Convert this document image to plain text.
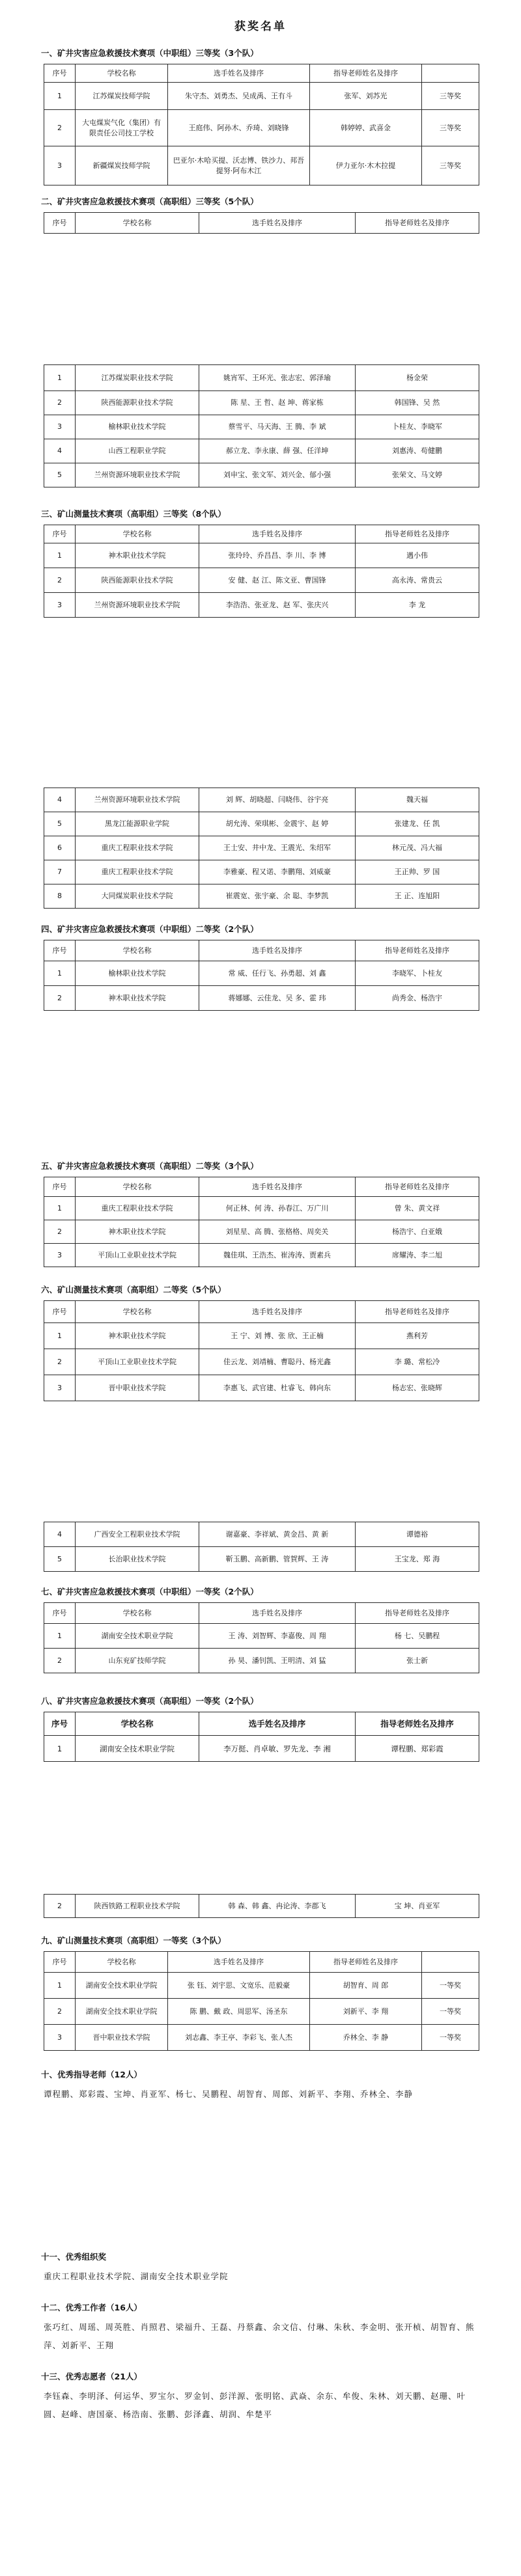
获奖名单
一、矿井灾害应急救援技术赛项（中职组）三等奖（3个队）
序号	学校名称	选手姓名及排序	指导老师姓名及排序	
1	江苏煤炭技师学院	朱守杰、刘勇杰、吴成禹、王有斗	张军、刘苏光	三等奖
2	大屯煤炭气化（集团）有限责任公司技工学校	王庭伟、阿孙木、乔琦、刘晓锋	韩婷婷、武喜金	三等奖
3	新疆煤炭技师学院	巴亚尔·木哈买提、沃志博、铁沙力、邦吾提努·阿布木江	伊力亚尔·木木拉提	三等奖
二、矿井灾害应急救援技术赛项（高职组）三等奖（5个队）
序号	学校名称	选手姓名及排序	指导老师姓名及排序
1	江苏煤炭职业技术学院	姚宵军、王环光、张志宏、郭泽瑜	杨金荣
2	陕西能源职业技术学院	陈 星、王 哲、赵 坤、蒋家栋	韩国锋、吴 然
3	榆林职业技术学院	蔡雪平、马天海、王 腾、李 斌	卜桂友、李晓军
4	山西工程职业学院	郝立龙、李永康、薛 强、任洋坤	刘惠涛、苟健鹏
5	兰州资源环境职业技术学院	刘申宝、张文军、刘兴金、郁小强	张荣文、马文婷
三、矿山测量技术赛项（高职组）三等奖（8个队）
序号	学校名称	选手姓名及排序	指导老师姓名及排序
1	神木职业技术学院	张玲玲、乔昌昌、李 川、李 博	遇小伟
2	陕西能源职业技术学院	安 健、赵 江、陈文亚、曹国锋	高永涛、常贵云
3	兰州资源环境职业技术学院	李浩浩、张亚龙、赵 军、张庆兴	李 龙
4	兰州资源环境职业技术学院	刘 辉、胡晓超、闫晓伟、谷宇亮	魏天福
5	黑龙江能源职业学院	胡允涛、荣琪彬、金震宇、赵 婷	张建龙、任 凯
6	重庆工程职业技术学院	王士安、井中龙、王震光、朱绍军	林元茂、冯大福
7	重庆工程职业技术学院	李雅豪、程又诺、李鹏翔、刘威豪	王正帅、罗 国
8	大同煤炭职业技术学院	崔震宽、张宇豪、余 聪、李梦凯	王 正、连旭阳
四、矿井灾害应急救援技术赛项（中职组）二等奖（2个队）
序号	学校名称	选手姓名及排序	指导老师姓名及排序
1	榆林职业技术学院	常 威、任行飞、孙勇超、刘 鑫	李晓军、卜桂友
2	神木职业技术学院	蒋娜娜、云佳龙、吴 多、霍 玮	尚秀金、杨浩宇
五、矿井灾害应急救援技术赛项（高职组）二等奖（3个队）
序号	学校名称	选手姓名及排序	指导老师姓名及排序
1	重庆工程职业技术学院	何正林、何 涛、孙春江、万广川	曾 朱、黄文祥
2	神木职业技术学院	刘星星、高 腾、张格格、周奕关	杨浩宇、白亚娥
3	平顶山工业职业技术学院	魏佳琪、王浩杰、崔涛涛、贾素兵	席耀涛、李二旭
六、矿山测量技术赛项（高职组）二等奖（5个队）
序号	学校名称	选手姓名及排序	指导老师姓名及排序
1	神木职业技术学院	王 宁、刘 博、张 欣、王正楠	燕利芳
2	平顶山工业职业技术学院	佳云龙、刘靖楠、曹聪丹、杨光鑫	李 璐、常松冷
3	晋中职业技术学院	李惠飞、武官建、杜睿飞、韩向东	杨志宏、张晓辉
4	广西安全工程职业技术学院	谢嘉豪、李祥斌、黄金昌、黄 新	谭德裕
5	长治职业技术学院	靳玉鹏、高新鹏、管賀辉、王 涛	王宝龙、郑 海
七、矿井灾害应急救援技术赛项（中职组）一等奖（2个队）
序号	学校名称	选手姓名及排序	指导老师姓名及排序
1	湖南安全技术职业学院	王 涛、刘智辉、李嘉俊、周 翔	杨 七、吴鹏程
2	山东兖矿技师学院	孙 昊、潘钊凯、王明清、刘 猛	张士新
八、矿井灾害应急救援技术赛项（高职组）一等奖（2个队）
序号	学校名称	选手姓名及排序	指导老师姓名及排序
1	湖南安全技术职业学院	李万挺、肖卓敏、罗先龙、李 湘	谭程鹏、郑彩霞
2	陕西铁路工程职业技术学院	韩 森、韩 鑫、冉论涛、李郡飞	宝 坤、肖亚军
九、矿山测量技术赛项（高职组）一等奖（3个队）
序号	学校名称	选手姓名及排序	指导老师姓名及排序	
1	湖南安全技术职业学院	张 钰、刘宇思、文宽乐、范毅豪	胡智育、周 郎	一等奖
2	湖南安全技术职业学院	陈 鹏、戴 政、周思军、汤圣东	刘新平、李 翔	一等奖
3	晋中职业技术学院	刘志鑫、李王亭、李彩飞、张人杰	乔林全、李 静	一等奖
十、优秀指导老师（12人）
谭程鹏、郑彩霞、宝坤、肖亚军、杨七、吴鹏程、胡智育、周郎、刘新平、李翔、乔林全、李静
十一、优秀组织奖
重庆工程职业技术学院、湖南安全技术职业学院
十二、优秀工作者（16人）
张巧红、周瑶、周英胜、肖照君、梁福升、王磊、丹蔡鑫、余文信、付琳、朱秋、李金明、张开桢、胡智育、熊萍、刘新平、王翔
十三、优秀志愿者（21人）
李钰森、李明泽、何运华、罗宝尔、罗金钊、彭洋源、张明铭、武焱、余东、牟俊、朱林、刘天鹏、赵珊、叶圆、赵峰、唐国豪、杨浩南、张鹏、彭泽鑫、胡润、牟楚平
